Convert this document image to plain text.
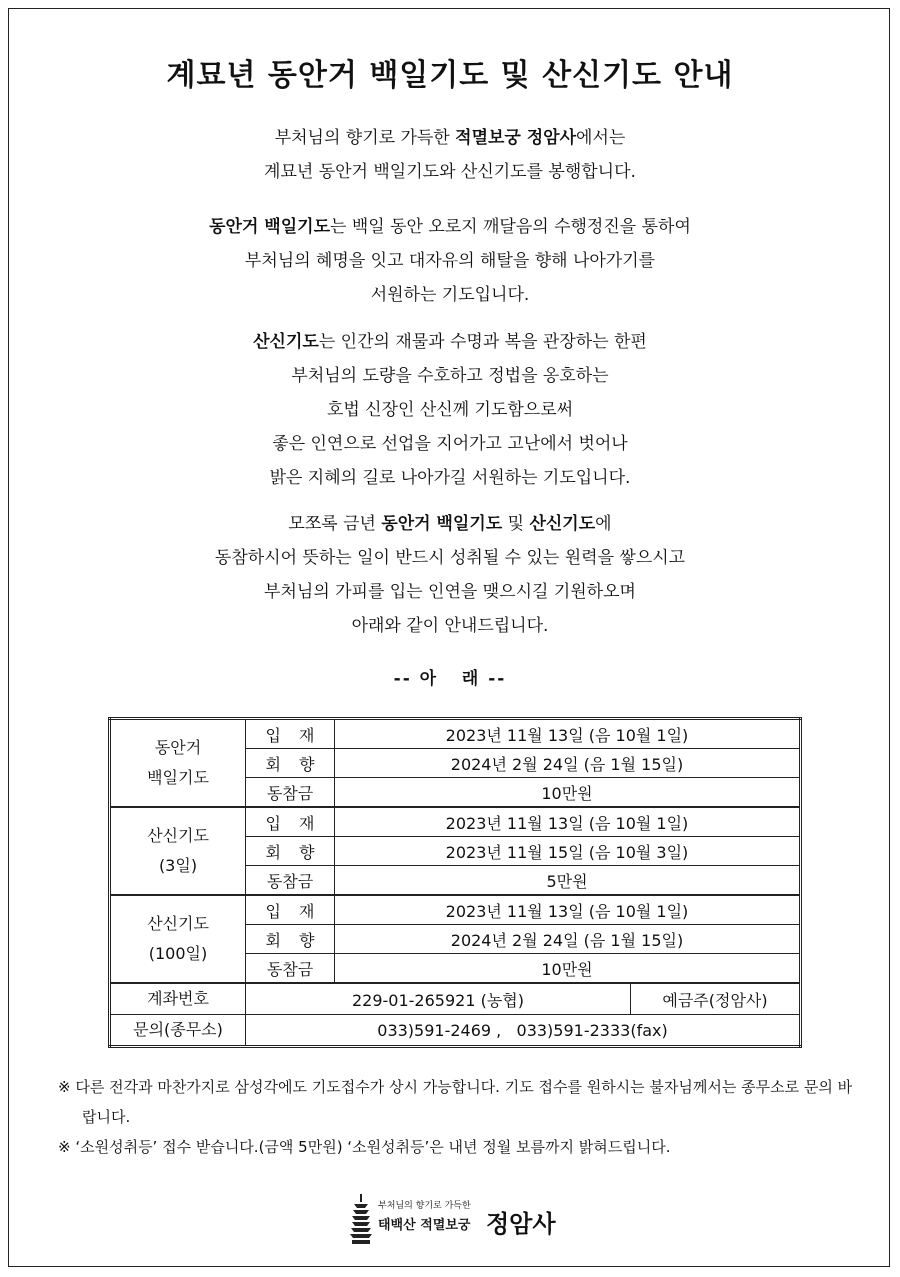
계묘년 동안거 백일기도 및 산신기도 안내
부처님의 향기로 가득한 적멸보궁 정암사에서는
계묘년 동안거 백일기도와 산신기도를 봉행합니다.
동안거 백일기도는 백일 동안 오로지 깨달음의 수행정진을 통하여
부처님의 혜명을 잇고 대자유의 해탈을 향해 나아가기를
서원하는 기도입니다.
산신기도는 인간의 재물과 수명과 복을 관장하는 한편
부처님의 도량을 수호하고 정법을 옹호하는
호법 신장인 산신께 기도함으로써
좋은 인연으로 선업을 지어가고 고난에서 벗어나
밝은 지혜의 길로 나아가길 서원하는 기도입니다.
모쪼록 금년 동안거 백일기도 및 산신기도에
동참하시어 뜻하는 일이 반드시 성취될 수 있는 원력을 쌓으시고
부처님의 가피를 입는 인연을 맺으시길 기원하오며
아래와 같이 안내드립니다.
-- 아   래 --
동안거
백일기도	입 재	2023년 11월 13일 (음 10월 1일)	
	회 향	2024년 2월 24일 (음 1월 15일)	
	동참금	10만원	
산신기도
(3일)	입 재	2023년 11월 13일 (음 10월 1일)	
	회 향	2023년 11월 15일 (음 10월 3일)	
	동참금	5만원	
산신기도
(100일)	입 재	2023년 11월 13일 (음 10월 1일)	
	회 향	2024년 2월 24일 (음 1월 15일)	
	동참금	10만원	
계좌번호	229-01-265921 (농협)		예금주(정암사)
문의(종무소)	033)591-2469 ,   033)591-2333(fax)		
※ 다른 전각과 마찬가지로 삼성각에도 기도접수가 상시 가능합니다. 기도 접수를 원하시는 불자님께서는 종무소로 문의 바랍니다.
※ ‘소원성취등’ 접수 받습니다.(금액 5만원) ‘소원성취등’은 내년 정월 보름까지 밝혀드립니다.
부처님의 향기로 가득한
태백산 적멸보궁 정암사
